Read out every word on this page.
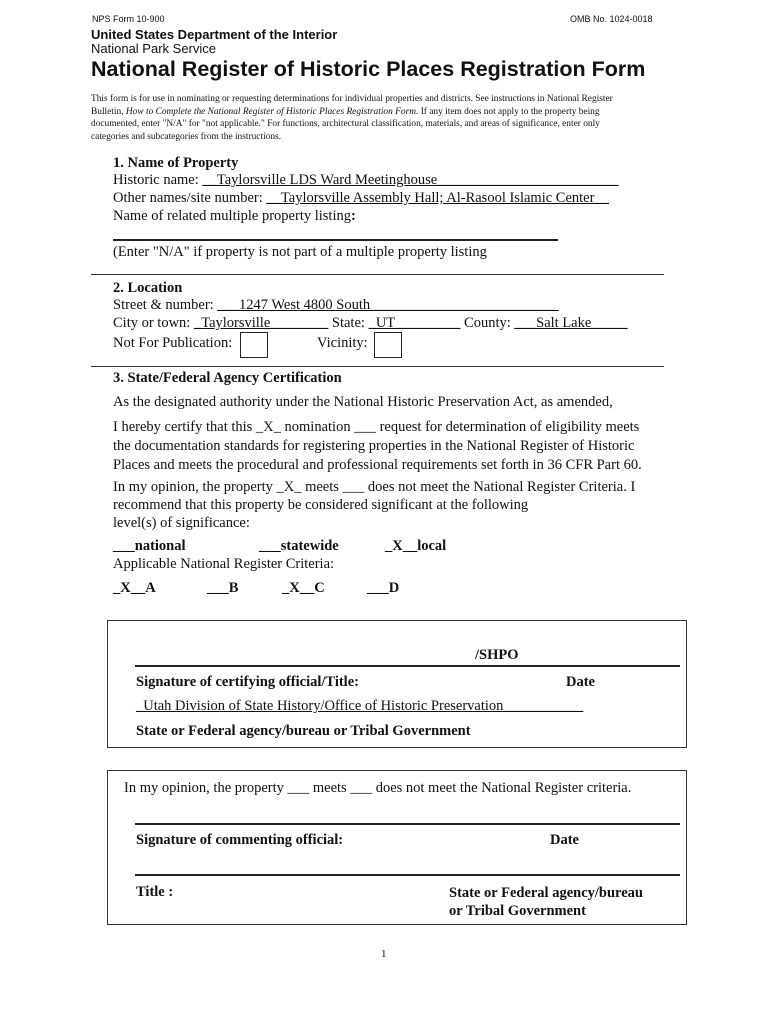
NPS Form 10-900	OMB No. 1024-0018
United States Department of the Interior
National Park Service
National Register of Historic Places Registration Form
This form is for use in nominating or requesting determinations for individual properties and districts. See instructions in National Register
Bulletin, How to Complete the National Register of Historic Places Registration Form. If any item does not apply to the property being
documented, enter "N/A" for "not applicable." For functions, architectural classification, materials, and areas of significance, enter only
categories and subcategories from the instructions.
1. Name of Property
Historic name: __Taylorsville LDS Ward Meetinghouse_________________________
Other names/site number: __Taylorsville Assembly Hall; Al-Rasool Islamic Center__
Name of related multiple property listing:
(Enter "N/A" if property is not part of a multiple property listing
2. Location
Street & number: ___1247 West 4800 South__________________________
City or town: _Taylorsville________ State: _UT_________ County: ___Salt Lake_____
Not For Publication:	Vicinity:
3. State/Federal Agency Certification
As the designated authority under the National Historic Preservation Act, as amended,
I hereby certify that this _X_ nomination ___ request for determination of eligibility meets
the documentation standards for registering properties in the National Register of Historic
Places and meets the procedural and professional requirements set forth in 36 CFR Part 60.
In my opinion, the property _X_ meets ___ does not meet the National Register Criteria. I
recommend that this property be considered significant at the following
level(s) of significance:
___national	___statewide	_X__local
Applicable National Register Criteria:
_X__A	___B	_X__C	___D
/SHPO
Signature of certifying official/Title:	Date
_Utah Division of State History/Office of Historic Preservation___________
State or Federal agency/bureau or Tribal Government
In my opinion, the property ___ meets ___ does not meet the National Register criteria.
Signature of commenting official:	Date
Title :	State or Federal agency/bureau
or Tribal Government
1
